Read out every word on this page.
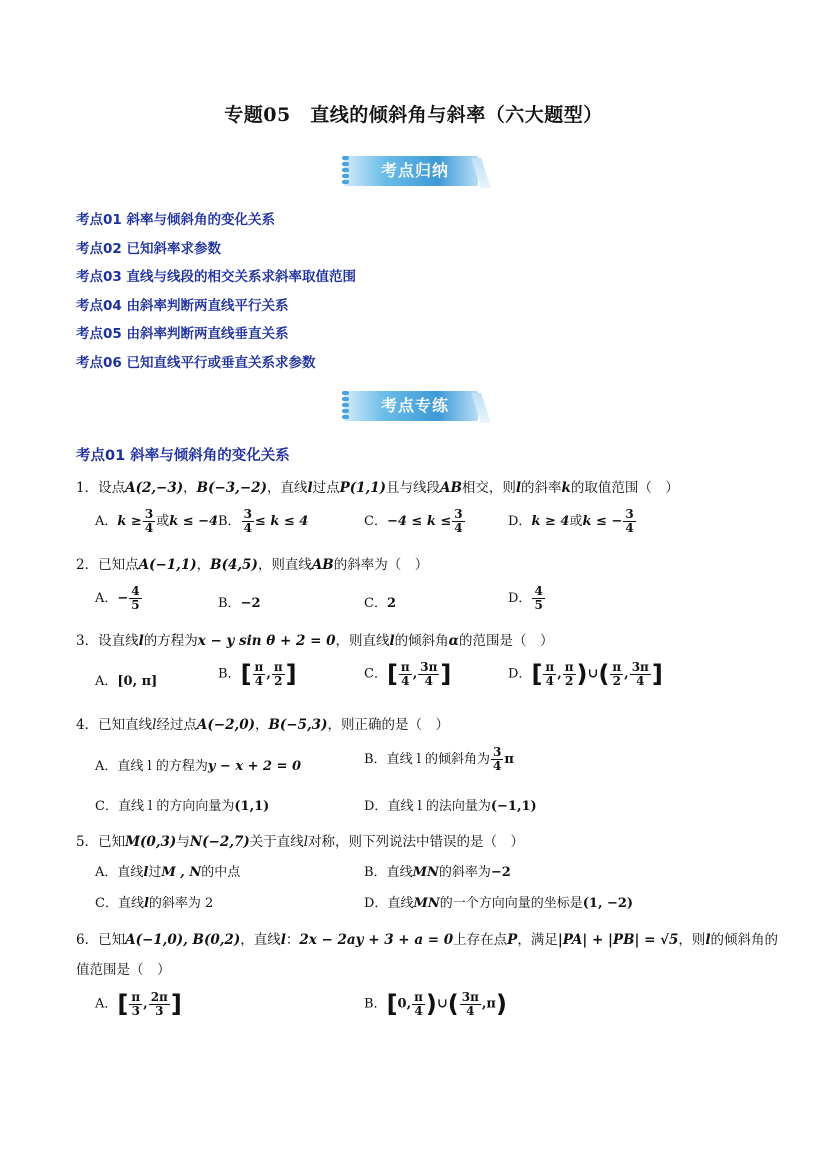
专题05　直线的倾斜角与斜率（六大题型）
考点归纳
考点01 斜率与倾斜角的变化关系
考点02 已知斜率求参数
考点03 直线与线段的相交关系求斜率取值范围
考点04 由斜率判断两直线平行关系
考点05 由斜率判断两直线垂直关系
考点06 已知直线平行或垂直关系求参数
考点专练
考点01 斜率与倾斜角的变化关系
1．设点A(2,−3)，B(−3,−2)，直线l过点P(1,1)且与线段AB相交，则l的斜率k的取值范围（　）
A．$k \ge \frac{3}{4}$ 或k ≤ −4 B． $\frac{3}{4} \le k \le 4$	C．$-4 \le k \le \frac{3}{4}$	D．k ≥ 4或k ≤ − $\frac{3}{4}$
2．已知点A(−1,1)，B(4,5)，则直线AB的斜率为（　）
A．− $\frac{4}{5}$	B．−2	C．2	D． $\frac{4}{5}$
3．设直线l的方程为x − y sin θ + 2 = 0，则直线l的倾斜角α的范围是（　）
A．[0, π]	B．[ $\frac{\pi}{4}$ , $\frac{\pi}{2}$ ]	C．[ $\frac{\pi}{4}$ , $\frac{3\pi}{4}$ ]	D．[ $\frac{\pi}{4}$ , $\frac{\pi}{2}$ )∪( $\frac{\pi}{2}$ , $\frac{3\pi}{4}$ ]
4．已知直线l经过点A(−2,0)，B(−5,3)，则正确的是（　）
A．直线 l 的方程为y − x + 2 = 0	B．直线 l 的倾斜角为 $\frac{3}{4}$ π
C．直线 l 的方向向量为(1,1)	D．直线 l 的法向量为(−1,1)
5．已知M(0,3)与N(−2,7)关于直线l对称，则下列说法中错误的是（　）
A．直线l过M , N的中点	B．直线MN的斜率为−2
C．直线l的斜率为 2	D．直线MN的一个方向向量的坐标是(1, −2)
6．已知A(−1,0), B(0,2)，直线l：2x − 2ay + 3 + a = 0上存在点P，满足|PA| + |PB| = √5，则l的倾斜角的
值范围是（　）
A．[ $\frac{\pi}{3}$ , $\frac{2\pi}{3}$ ]	B．[0, $\frac{\pi}{4}$ )∪( $\frac{3\pi}{4} ,\pi$)
